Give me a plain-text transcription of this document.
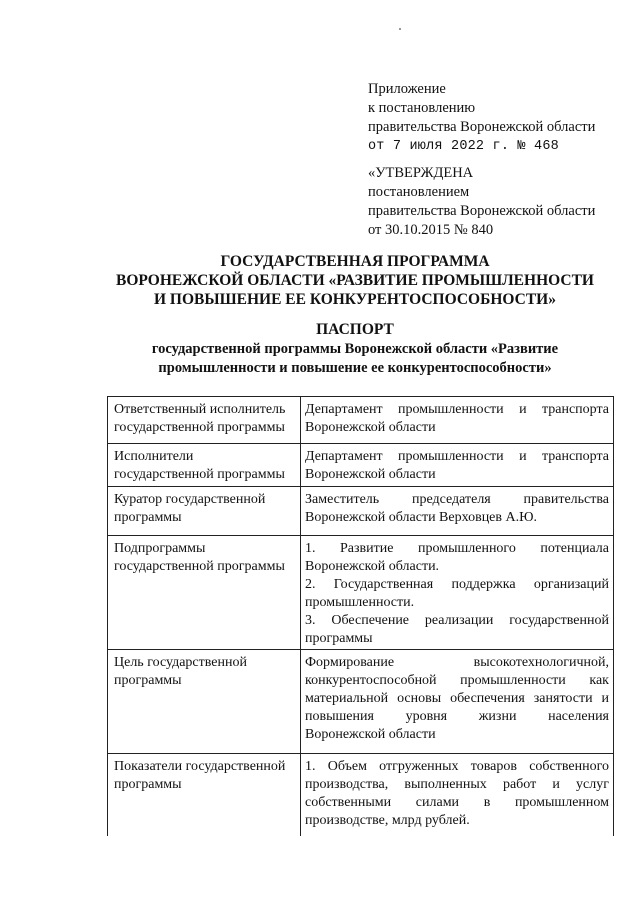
Приложение
к постановлению
правительства Воронежской области
от 7 июля 2022 г. № 468
«УТВЕРЖДЕНА
постановлением
правительства Воронежской области
от 30.10.2015 № 840
ГОСУДАРСТВЕННАЯ ПРОГРАММА
ВОРОНЕЖСКОЙ ОБЛАСТИ «РАЗВИТИЕ ПРОМЫШЛЕННОСТИ
И ПОВЫШЕНИЕ ЕЕ КОНКУРЕНТОСПОСОБНОСТИ»
ПАСПОРТ
государственной программы Воронежской области «Развитие
промышленности и повышение ее конкурентоспособности»
Ответственный исполнитель
государственной программы
Департамент промышленности и транспорта
Воронежской области
Исполнители
государственной программы
Департамент промышленности и транспорта
Воронежской области
Куратор государственной
программы
Заместитель председателя правительства
Воронежской области Верховцев А.Ю.
Подпрограммы
государственной программы
1. Развитие промышленного потенциала
Воронежской области.
2. Государственная поддержка организаций
промышленности.
3. Обеспечение реализации государственной
программы
Цель государственной
программы
Формирование высокотехнологичной,
конкурентоспособной промышленности как
материальной основы обеспечения занятости и
повышения уровня жизни населения
Воронежской области
Показатели государственной
программы
1. Объем отгруженных товаров собственного
производства, выполненных работ и услуг
собственными силами в промышленном
производстве, млрд рублей.
